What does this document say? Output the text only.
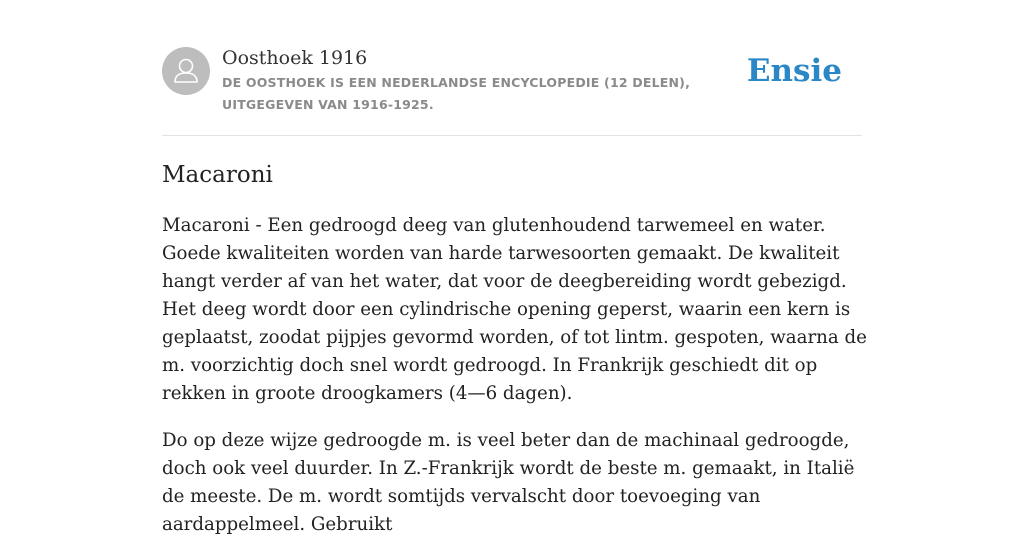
Oosthoek 1916
DE OOSTHOEK IS EEN NEDERLANDSE ENCYCLOPEDIE (12 DELEN), UITGEGEVEN VAN 1916-1925.
Ensie
Macaroni

Macaroni - Een gedroogd deeg van glutenhoudend tarwemeel en water. Goede kwaliteiten worden van harde tarwesoorten gemaakt. De kwaliteit hangt verder af van het water, dat voor de deegbereiding wordt gebezigd. Het deeg wordt door een cylindrische opening geperst, waarin een kern is geplaatst, zoodat pijpjes gevormd worden, of tot lintm. gespoten, waarna de m. voorzichtig doch snel wordt gedroogd. In Frankrijk geschiedt dit op rekken in groote droogkamers (4—6 dagen).

Do op deze wijze gedroogde m. is veel beter dan de machinaal gedroogde, doch ook veel duurder. In Z.-Frankrijk wordt de beste m. gemaakt, in Italië de meeste. De m. wordt somtijds vervalscht door toevoeging van aardappelmeel. Gebruikt
